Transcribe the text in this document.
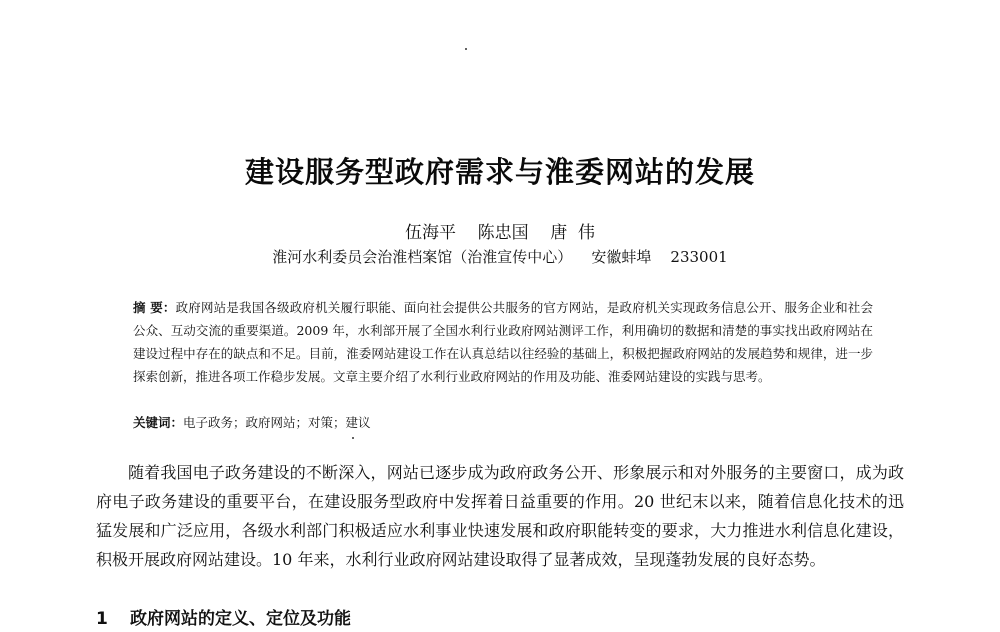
建设服务型政府需求与淮委网站的发展
伍海平    陈忠国    唐  伟
淮河水利委员会治淮档案馆（治淮宣传中心）    安徽蚌埠    233001
摘 要：政府网站是我国各级政府机关履行职能、面向社会提供公共服务的官方网站，是政府机关实现政务信息公开、服务企业和社会公众、互动交流的重要渠道。2009 年，水利部开展了全国水利行业政府网站测评工作，利用确切的数据和清楚的事实找出政府网站在建设过程中存在的缺点和不足。目前，淮委网站建设工作在认真总结以往经验的基础上，积极把握政府网站的发展趋势和规律，进一步探索创新，推进各项工作稳步发展。文章主要介绍了水利行业政府网站的作用及功能、淮委网站建设的实践与思考。
关键词：电子政务；政府网站；对策；建议
随着我国电子政务建设的不断深入，网站已逐步成为政府政务公开、形象展示和对外服务的主要窗口，成为政府电子政务建设的重要平台，在建设服务型政府中发挥着日益重要的作用。20 世纪末以来，随着信息化技术的迅猛发展和广泛应用，各级水利部门积极适应水利事业快速发展和政府职能转变的要求，大力推进水利信息化建设，积极开展政府网站建设。10 年来，水利行业政府网站建设取得了显著成效，呈现蓬勃发展的良好态势。
1 政府网站的定义、定位及功能
